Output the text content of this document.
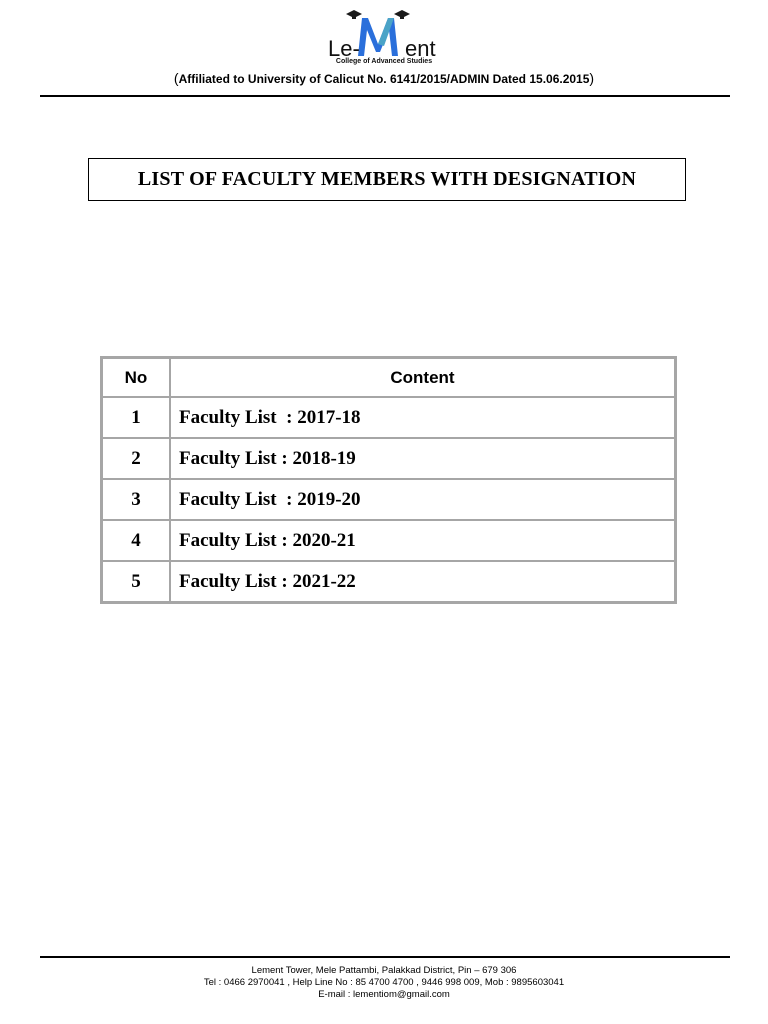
Le- ent
College of Advanced Studies
(Affiliated to University of Calicut No. 6141/2015/ADMIN Dated 15.06.2015)
LIST OF FACULTY MEMBERS WITH DESIGNATION
No	Content
1	Faculty List  : 2017-18
2	Faculty List : 2018-19
3	Faculty List  : 2019-20
4	Faculty List : 2020-21
5	Faculty List : 2021-22
Lement Tower, Mele Pattambi, Palakkad District, Pin – 679 306
Tel : 0466 2970041 , Help Line No : 85 4700 4700 , 9446 998 009, Mob : 9895603041
E-mail : lementiom@gmail.com
